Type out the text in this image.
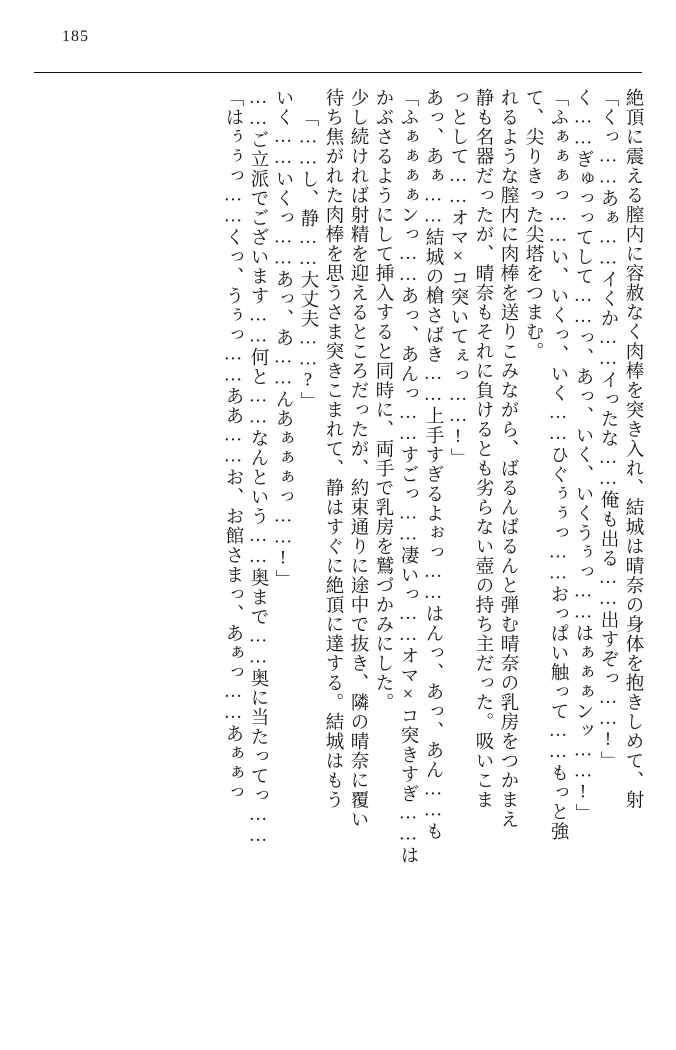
185
「はぅぅっ……くっ、うぅっ……ああ……お、お館さまっ、あぁっ……あぁぁっ ……ご立派でございます……何と……なんという……奥まで……奥に当たってっ…… いく……いくっ……あっ、あ……んあぁぁぁっ……!」 「……し、静……大丈夫……?」 待ち焦がれた肉棒を思うさま突きこまれて、静はすぐに絶頂に達する。結城はもう 少し続ければ射精を迎えるところだったが、約束通りに途中で抜き、隣の晴奈に覆い かぶさるようにして挿入すると同時に、両手で乳房を鷲づかみにした。 「ふぁぁぁぁンっ……あっ、あんっ……すごっ……凄いっ……オマ×コ突きすぎ……は あっ、あぁ……結城の槍さばき……上手すぎるよぉっ……はんっ、あっ、あん……も っとして……オマ×コ突いてぇっ……!」 静も名器だったが、晴奈もそれに負けるとも劣らない壺の持ち主だった。吸いこま れるような膣内に肉棒を送りこみながら、ばるんばるんと弾む晴奈の乳房をつかまえ て、尖りきった尖塔をつまむ。 「ふぁぁぁっ……い、いくっ、いく……ひぐぅぅっ……おっぱい触って……もっと強 く……ぎゅっってして……っ、あっ、いく、いくうぅっ……はぁぁぁンッ……!」 「くっ……あぁ……イくか……イったな……俺も出る……出すぞっ……!」 絶頂に震える膣内に容赦なく肉棒を突き入れ、結城は晴奈の身体を抱きしめて、射
